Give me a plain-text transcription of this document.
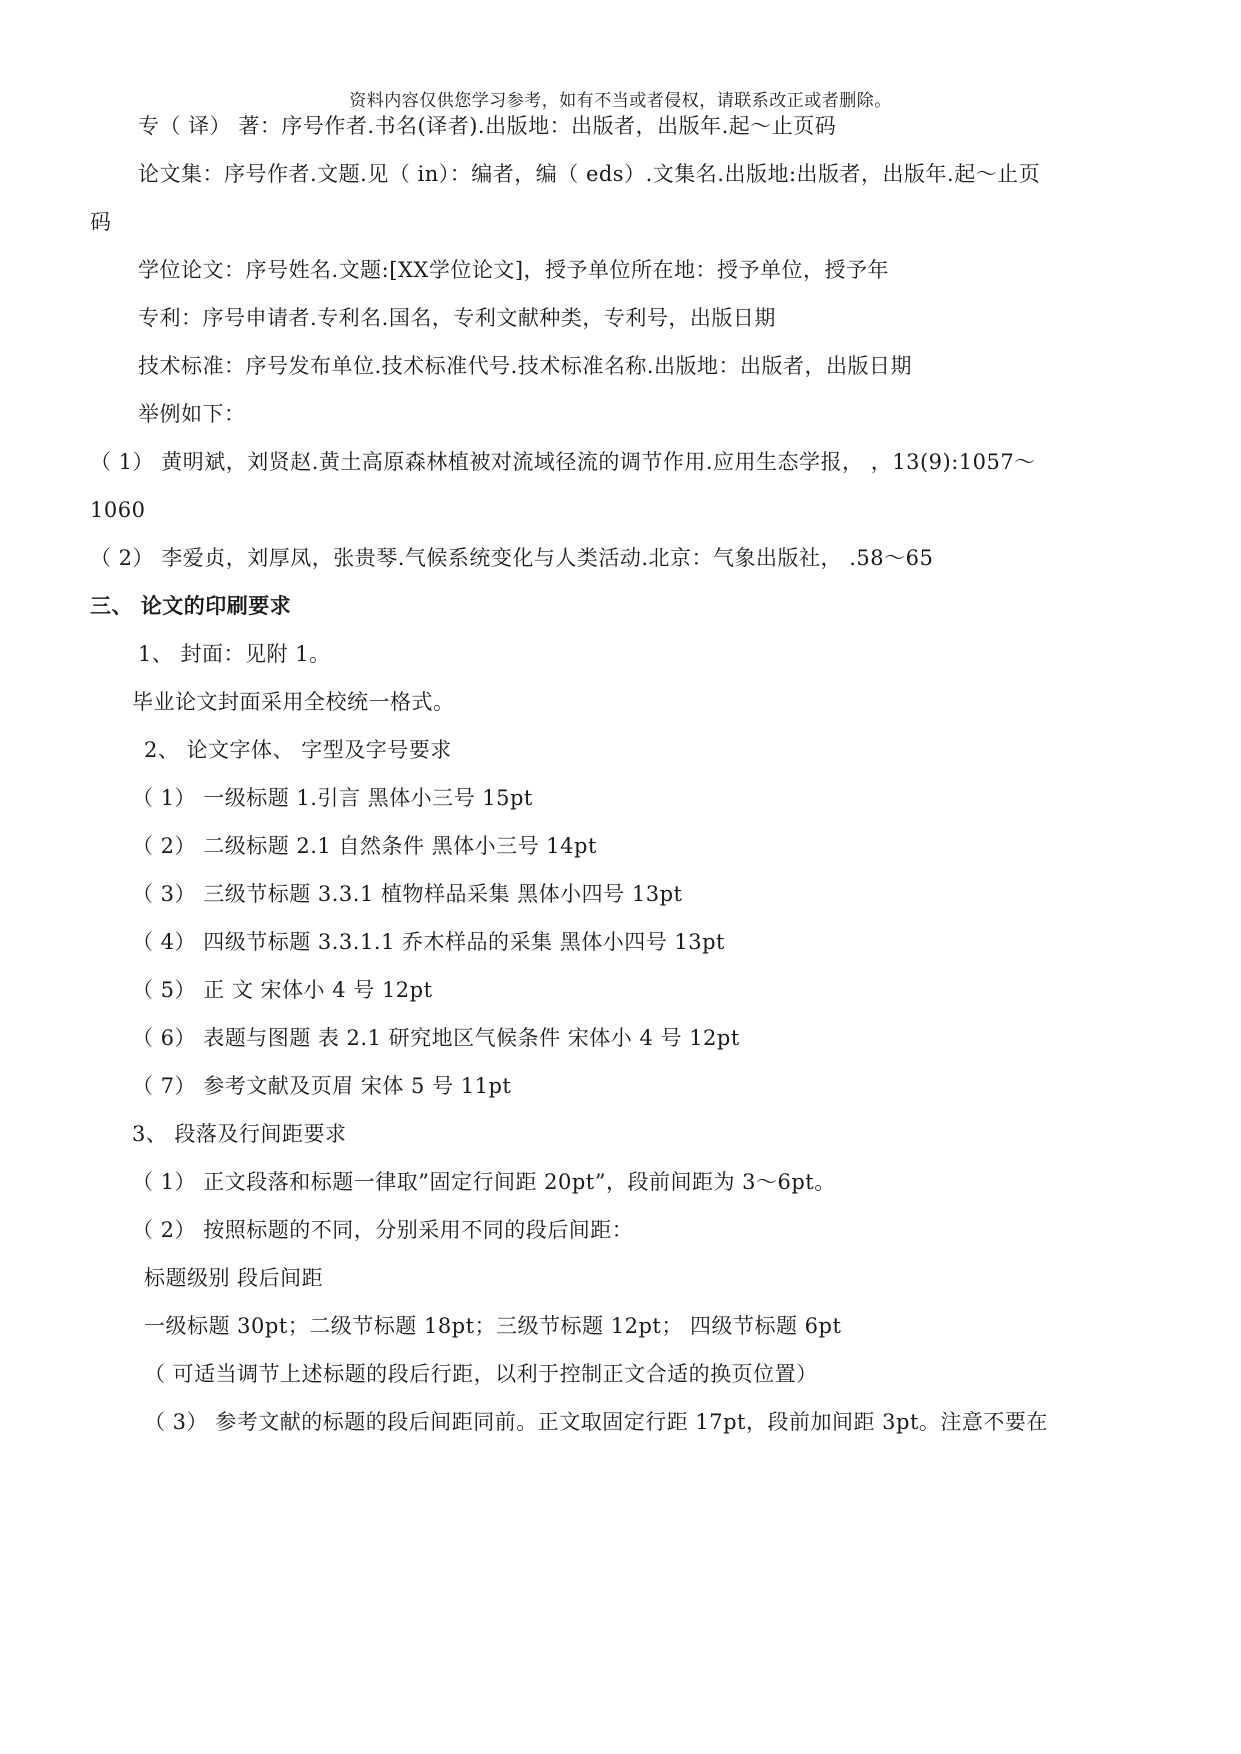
资料内容仅供您学习参考，如有不当或者侵权，请联系改正或者删除。
专（ 译） 著：序号作者.书名(译者).出版地：出版者，出版年.起～止页码
论文集：序号作者.文题.见（ in）：编者，编（ eds）.文集名.出版地:出版者，出版年.起～止页
码
学位论文：序号姓名.文题:[XX学位论文]，授予单位所在地：授予单位，授予年
专利：序号申请者.专利名.国名，专利文献种类，专利号，出版日期
技术标准：序号发布单位.技术标准代号.技术标准名称.出版地：出版者，出版日期
举例如下：
（ 1） 黄明斌，刘贤赵.黄土高原森林植被对流域径流的调节作用.应用生态学报， ，13(9):1057～
1060
（ 2） 李爱贞，刘厚凤，张贵琴.气候系统变化与人类活动.北京：气象出版社， .58～65
三、 论文的印刷要求
1、 封面：见附 1。
毕业论文封面采用全校统一格式。
2、 论文字体、 字型及字号要求
（ 1） 一级标题 1.引言 黑体小三号 15pt
（ 2） 二级标题 2.1 自然条件 黑体小三号 14pt
（ 3） 三级节标题 3.3.1 植物样品采集 黑体小四号 13pt
（ 4） 四级节标题 3.3.1.1 乔木样品的采集 黑体小四号 13pt
（ 5） 正 文 宋体小 4 号 12pt
（ 6） 表题与图题 表 2.1 研究地区气候条件 宋体小 4 号 12pt
（ 7） 参考文献及页眉 宋体 5 号 11pt
3、 段落及行间距要求
（ 1） 正文段落和标题一律取”固定行间距 20pt”，段前间距为 3～6pt。
（ 2） 按照标题的不同，分别采用不同的段后间距：
标题级别 段后间距
一级标题 30pt；二级节标题 18pt；三级节标题 12pt； 四级节标题 6pt
（ 可适当调节上述标题的段后行距，以利于控制正文合适的换页位置）
（ 3） 参考文献的标题的段后间距同前。正文取固定行距 17pt，段前加间距 3pt。注意不要在
